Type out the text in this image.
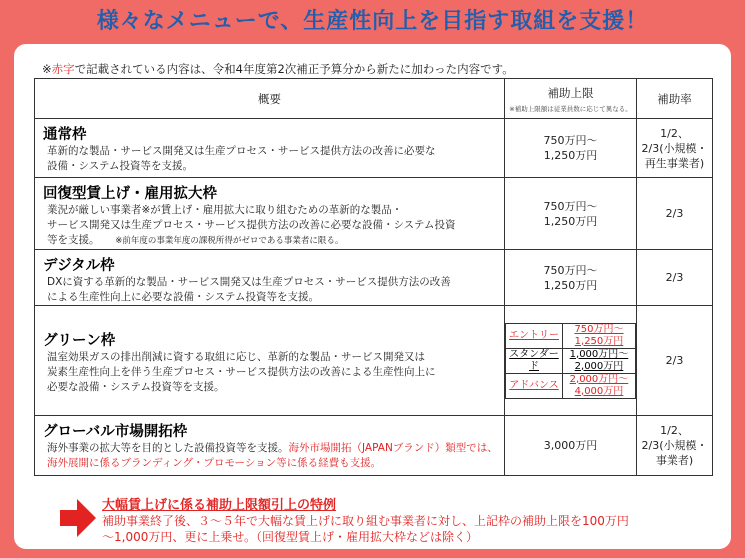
様々なメニューで、生産性向上を目指す取組を支援！
※赤字で記載されている内容は、令和4年度第2次補正予算分から新たに加わった内容です。
概要	補助上限
※補助上限額は従業員数に応じて異なる。
	補助率

通常枠
革新的な製品・サービス開発又は生産プロセス・サービス提供方法の改善に必要な
設備・システム投資等を支援。

750万円～
1,250万円

1/2、
2/3(小規模・
再生事業者)

回復型賃上げ・雇用拡大枠
業況が厳しい事業者※が賃上げ・雇用拡大に取り組むための革新的な製品・
サービス開発又は生産プロセス・サービス提供方法の改善に必要な設備・システム投資
等を支援。　　 ※前年度の事業年度の課税所得がゼロである事業者に限る。

750万円～
1,250万円
	2/3

デジタル枠
DXに資する革新的な製品・サービス開発又は生産プロセス・サービス提供方法の改善
による生産性向上に必要な設備・システム投資等を支援。

750万円～
1,250万円
	2/3

グリーン枠
温室効果ガスの排出削減に資する取組に応じ、革新的な製品・サービス開発又は
炭素生産性向上を伴う生産プロセス・サービス提供方法の改善による生産性向上に
必要な設備・システム投資等を支援。

エントリー	
750万円～
1,250万円

スタンダード	
1,000万円～
2,000万円

アドバンス	
2,000万円～
4,000万円
	2/3

グローバル市場開拓枠
海外事業の拡大等を目的とした設備投資等を支援。海外市場開拓（JAPANブランド）類型では、海外展開に係るブランディング・プロモーション等に係る経費も支援。
	3,000万円	
1/2、
2/3(小規模・
事業者)
大幅賃上げに係る補助上限額引上の特例
補助事業終了後、３～５年で大幅な賃上げに取り組む事業者に対し、上記枠の補助上限を100万円
～1,000万円、更に上乗せ。（回復型賃上げ・雇用拡大枠などは除く）
